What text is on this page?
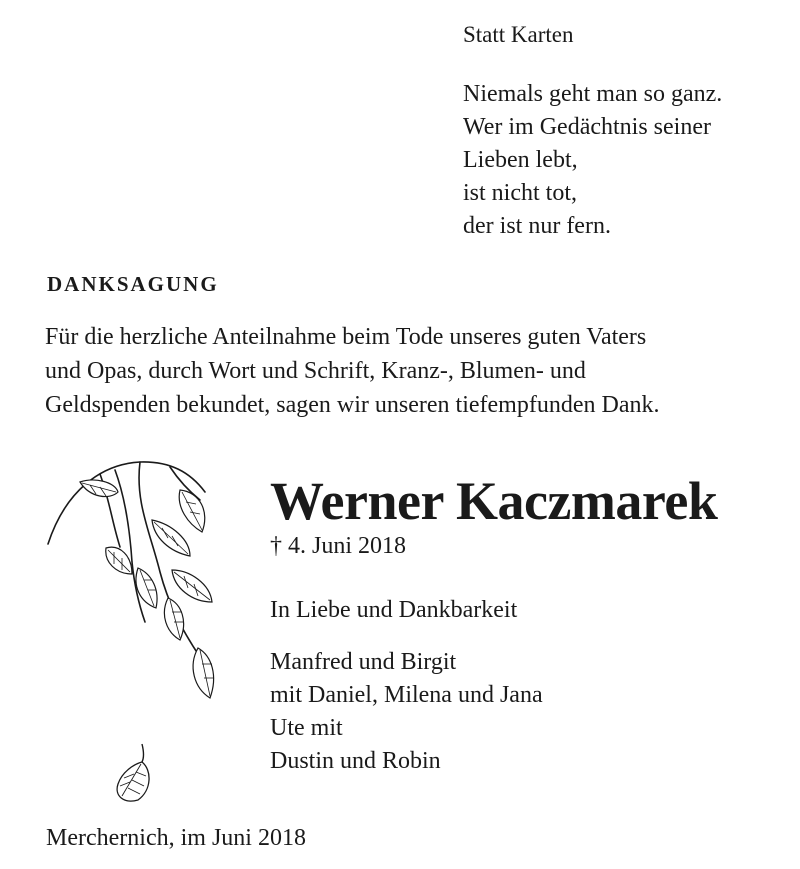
Statt Karten
Niemals geht man so ganz.
Wer im Gedächtnis seiner
Lieben lebt,
ist nicht tot,
der ist nur fern.
DANKSAGUNG
Für die herzliche Anteilnahme beim Tode unseres guten Vaters
und Opas, durch Wort und Schrift, Kranz-, Blumen- und
Geldspenden bekundet, sagen wir unseren tiefempfunden Dank.
Werner Kaczmarek
† 4. Juni 2018
In Liebe und Dankbarkeit
Manfred und Birgit
mit Daniel, Milena und Jana
Ute mit
Dustin und Robin
Merchernich, im Juni 2018
